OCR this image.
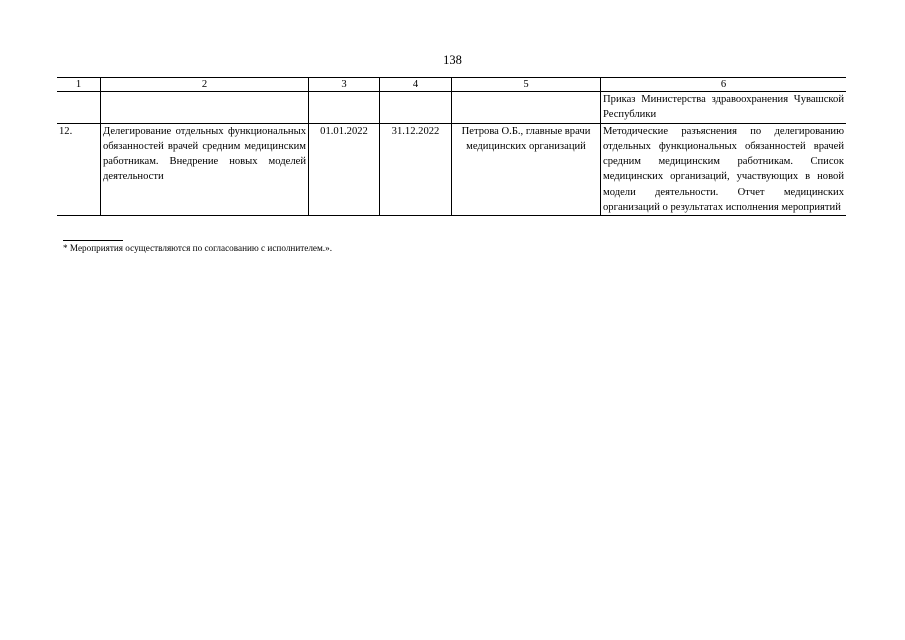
138
1	2	3	4	5	6
					Приказ Министерства здравоохранения Чувашской Республики
12.	Делегирование отдельных функциональных обязанностей врачей средним медицинским работникам. Внедрение новых моделей деятельности	01.01.2022	31.12.2022	Петрова О.Б., главные врачи медицинских организаций	Методические разъяснения по делегированию отдельных функциональных обязанностей врачей средним медицинским работникам. Список медицинских организаций, участвующих в новой модели деятельности. Отчет медицинских организаций о результатах исполнения мероприятий
* Мероприятия осуществляются по согласованию с исполнителем.».
